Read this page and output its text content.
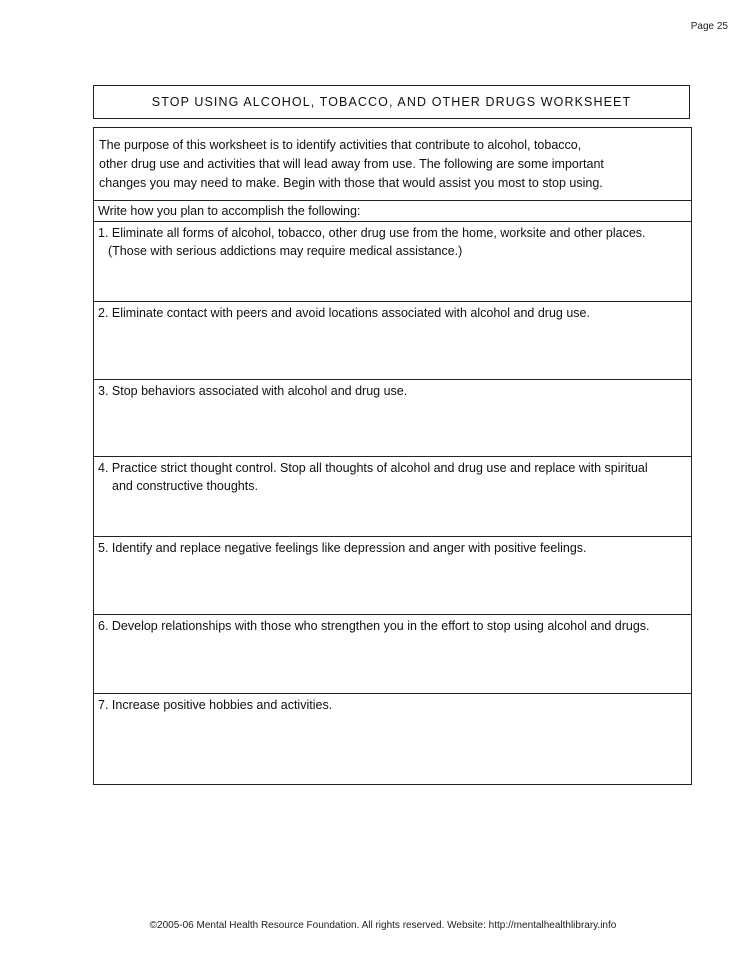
Page 25
STOP USING ALCOHOL, TOBACCO, AND OTHER DRUGS WORKSHEET
The purpose of this worksheet is to identify activities that contribute to alcohol, tobacco,
other drug use and activities that will lead away from use. The following are some important
changes you may need to make. Begin with those that would assist you most to stop using.
Write how you plan to accomplish the following:
1. Eliminate all forms of alcohol, tobacco, other drug use from the home, worksite and other places.
(Those with serious addictions may require medical assistance.)
2. Eliminate contact with peers and avoid locations associated with alcohol and drug use.
3. Stop behaviors associated with alcohol and drug use.
4. Practice strict thought control. Stop all thoughts of alcohol and drug use and replace with spiritual
and constructive thoughts.
5. Identify and replace negative feelings like depression and anger with positive feelings.
6. Develop relationships with those who strengthen you in the effort to stop using alcohol and drugs.
7. Increase positive hobbies and activities.
©2005-06 Mental Health Resource Foundation. All rights reserved. Website: http://mentalhealthlibrary.info
